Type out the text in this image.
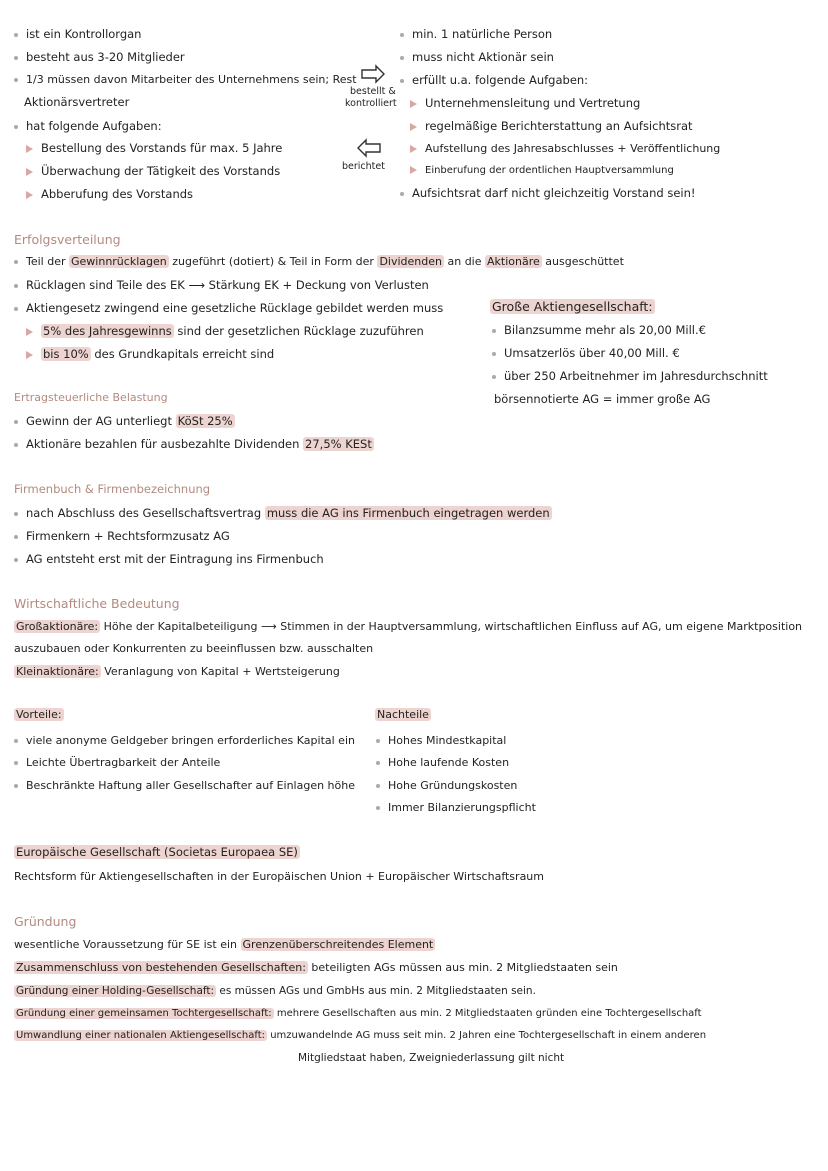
ist ein Kontrollorgan
besteht aus 3-20 Mitglieder
1/3 müssen davon Mitarbeiter des Unternehmens sein; Rest
Aktionärsvertreter
hat folgende Aufgaben:
Bestellung des Vorstands für max. 5 Jahre
Überwachung der Tätigkeit des Vorstands
Abberufung des Vorstands
bestellt &
kontrolliert
berichtet
min. 1 natürliche Person
muss nicht Aktionär sein
erfüllt u.a. folgende Aufgaben:
Unternehmensleitung und Vertretung
regelmäßige Berichterstattung an Aufsichtsrat
Aufstellung des Jahresabschlusses + Veröffentlichung
Einberufung der ordentlichen Hauptversammlung
Aufsichtsrat darf nicht gleichzeitig Vorstand sein!
Erfolgsverteilung
Teil der Gewinnrücklagen zugeführt (dotiert) & Teil in Form der Dividenden an die Aktionäre ausgeschüttet
Rücklagen sind Teile des EK ⟶ Stärkung EK + Deckung von Verlusten
Aktiengesetz zwingend eine gesetzliche Rücklage gebildet werden muss
5% des Jahresgewinns sind der gesetzlichen Rücklage zuzuführen
bis 10% des Grundkapitals erreicht sind
Große Aktiengesellschaft:
Bilanzsumme mehr als 20,00 Mill.€
Umsatzerlös über 40,00 Mill. €
über 250 Arbeitnehmer im Jahresdurchschnitt
börsennotierte AG = immer große AG
Ertragsteuerliche Belastung
Gewinn der AG unterliegt KöSt 25%
Aktionäre bezahlen für ausbezahlte Dividenden 27,5% KESt
Firmenbuch & Firmenbezeichnung
nach Abschluss des Gesellschaftsvertrag muss die AG ins Firmenbuch eingetragen werden
Firmenkern + Rechtsformzusatz AG
AG entsteht erst mit der Eintragung ins Firmenbuch
Wirtschaftliche Bedeutung
Großaktionäre: Höhe der Kapitalbeteiligung ⟶ Stimmen in der Hauptversammlung, wirtschaftlichen Einfluss auf AG, um eigene Marktposition
auszubauen oder Konkurrenten zu beeinflussen bzw. ausschalten
Kleinaktionäre: Veranlagung von Kapital + Wertsteigerung
Vorteile:
viele anonyme Geldgeber bringen erforderliches Kapital ein
Leichte Übertragbarkeit der Anteile
Beschränkte Haftung aller Gesellschafter auf Einlagen höhe
Nachteile
Hohes Mindestkapital
Hohe laufende Kosten
Hohe Gründungskosten
Immer Bilanzierungspflicht
Europäische Gesellschaft (Societas Europaea SE)
Rechtsform für Aktiengesellschaften in der Europäischen Union + Europäischer Wirtschaftsraum
Gründung
wesentliche Voraussetzung für SE ist ein Grenzenüberschreitendes Element
Zusammenschluss von bestehenden Gesellschaften: beteiligten AGs müssen aus min. 2 Mitgliedstaaten sein
Gründung einer Holding-Gesellschaft: es müssen AGs und GmbHs aus min. 2 Mitgliedstaaten sein.
Gründung einer gemeinsamen Tochtergesellschaft: mehrere Gesellschaften aus min. 2 Mitgliedstaaten gründen eine Tochtergesellschaft
Umwandlung einer nationalen Aktiengesellschaft: umzuwandelnde AG muss seit min. 2 Jahren eine Tochtergesellschaft in einem anderen
Mitgliedstaat haben, Zweigniederlassung gilt nicht
